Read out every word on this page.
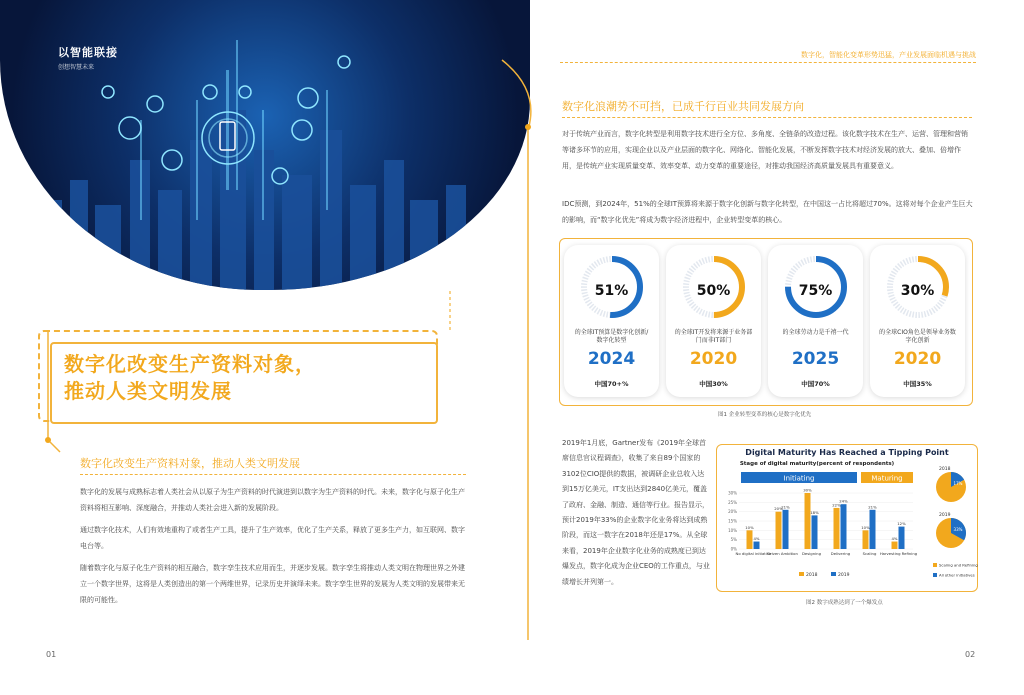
以智能联接
创想智慧未来
数字化改变生产资料对象，
推动人类文明发展
数字化改变生产资料对象，推动人类文明发展
数字化的发展与成熟标志着人类社会从以原子为生产资料的时代演进到以数字为生产资料的时代。未来，数字化与原子化生产资料将相互影响、深度融合，并推动人类社会进入新的发展阶段。
通过数字化技术，人们有效地重构了或者生产工具，提升了生产效率，优化了生产关系，释放了更多生产力，如互联网、数字电台等。
随着数字化与原子化生产资料的相互融合，数字孪生技术应用而生，并逐步发展。数字孪生将推动人类文明在物理世界之外建立一个数字世界，这将是人类创造出的第一个两维世界，记录历史并演绎未来。数字孪生世界的发展为人类文明的发展带来无限的可能性。
01
数字化，智能化变革形势迅猛，产业发展面临机遇与挑战
数字化浪潮势不可挡，已成千行百业共同发展方向
对于传统产业而言，数字化转型是利用数字技术进行全方位、多角度、全链条的改造过程。该化数字技术在生产、运营、管理和营销等诸多环节的应用，实现企业以及产业层面的数字化、网络化、智能化发展，不断发挥数字技术对经济发展的放大、叠加、倍增作用，是传统产业实现质量变革、效率变革、动力变革的重要途径，对推动我国经济高质量发展具有重要意义。
IDC预测，到2024年，51%的全球IT预算将来源于数字化创新与数字化转型，在中国这一占比将超过70%。这将对每个企业产生巨大的影响，而“数字化优先”将成为数字经济进程中，企业转型变革的核心。
51%
的全球IT预算是数字化创新/数字化转型
2024
中国70+%
50%
的全球IT开发将来源于业务部门而非IT部门
2020
中国30%
75%
的全球劳动力是千禧一代
2025
中国70%
30%
的全球CIO角色是领导业务数字化创新
2020
中国35%
图1 企业转型变革的核心是数字化优先
2019年1月底，Gartner发布《2019年全球首席信息官议程调查》，收集了来自89个国家的3102位CIO提供的数据，被调研企业总收入达到15万亿美元，IT支出达到2840亿美元，覆盖了政府、金融、制造、通信等行业。报告显示，预计2019年33%的企业数字化业务将达到成熟阶段，而这一数字在2018年还是17%。从全球来看，2019年企业数字化业务的成熟度已到达爆发点，数字化成为企业CEO的工作重点，与业绩增长并列第一。
Digital Maturity Has Reached a Tipping Point
Stage of digital maturity(percent of respondents)
Initiating	Maturing
0%
5%
10%
15%
20%
25%
30%
10%
4%
No digital initiative
20%
21%
Driven Ambition
30%
18%
Designing
22%
24%
Delivering
10%
21%
Scaling
4%
12%
Harvesting Refining
2018	2019
2018
17%
2019
33%
Scaling and Refining
All other initiatives
图2 数字成熟达到了一个爆发点
02
